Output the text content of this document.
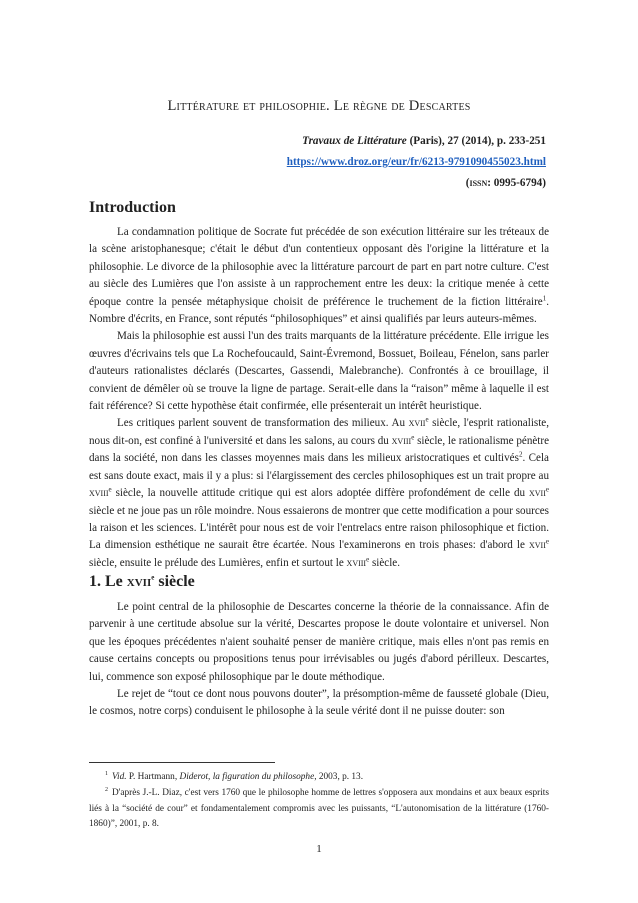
Littérature et philosophie. Le règne de Descartes
Travaux de Littérature (Paris), 27 (2014), p. 233-251
https://www.droz.org/eur/fr/6213-9791090455023.html
(issn: 0995-6794)
Introduction

La condamnation politique de Socrate fut précédée de son exécution littéraire sur les tréteaux de la scène aristophanesque; c'était le début d'un contentieux opposant dès l'origine la littérature et la philosophie. Le divorce de la philosophie avec la littérature parcourt de part en part notre culture. C'est au siècle des Lumières que l'on assiste à un rapprochement entre les deux: la critique menée à cette époque contre la pensée métaphysique choisit de préférence le truchement de la fiction littéraire$^1$. Nombre d'écrits, en France, sont réputés “philosophiques” et ainsi qualifiés par leurs auteurs-mêmes.

Mais la philosophie est aussi l'un des traits marquants de la littérature précédente. Elle irrigue les œuvres d'écrivains tels que La Rochefoucauld, Saint-Évremond, Bossuet, Boileau, Fénelon, sans parler d'auteurs rationalistes déclarés (Descartes, Gassendi, Malebranche). Confrontés à ce brouillage, il convient de démêler où se trouve la ligne de partage. Serait-elle dans la “raison” même à laquelle il est fait référence? Si cette hypothèse était confirmée, elle présenterait un intérêt heuristique.

Les critiques parlent souvent de transformation des milieux. Au xvii$^e$ siècle, l'esprit rationaliste, nous dit-on, est confiné à l'université et dans les salons, au cours du xviii$^e$ siècle, le rationalisme pénètre dans la société, non dans les classes moyennes mais dans les milieux aristocratiques et cultivés$^2$. Cela est sans doute exact, mais il y a plus: si l'élargissement des cercles philosophiques est un trait propre au xviii$^e$ siècle, la nouvelle attitude critique qui est alors adoptée diffère profondément de celle du xvii$^e$ siècle et ne joue pas un rôle moindre. Nous essaierons de montrer que cette modification a pour sources la raison et les sciences. L'intérêt pour nous est de voir l'entrelacs entre raison philosophique et fiction. La dimension esthétique ne saurait être écartée. Nous l'examinerons en trois phases: d'abord le xvii$^e$ siècle, ensuite le prélude des Lumières, enfin et surtout le xviii$^e$ siècle.

1. Le xvii$^e$ siècle

Le point central de la philosophie de Descartes concerne la théorie de la connaissance. Afin de parvenir à une certitude absolue sur la vérité, Descartes propose le doute volontaire et universel. Non que les époques précédentes n'aient souhaité penser de manière critique, mais elles n'ont pas remis en cause certains concepts ou propositions tenus pour irrévisables ou jugés d'abord périlleux. Descartes, lui, commence son exposé philosophique par le doute méthodique.

Le rejet de “tout ce dont nous pouvons douter”, la présomption-même de fausseté globale (Dieu, le cosmos, notre corps) conduisent le philosophe à la seule vérité dont il ne puisse douter: son

$^1$ Vid. P. Hartmann, Diderot, la figuration du philosophe, 2003, p. 13.

$^2$ D'après J.-L. Diaz, c'est vers 1760 que le philosophe homme de lettres s'opposera aux mondains et aux beaux esprits liés à la “société de cour” et fondamentalement compromis avec les puissants, “L'autonomisation de la littérature (1760-1860)”, 2001, p. 8.

1
